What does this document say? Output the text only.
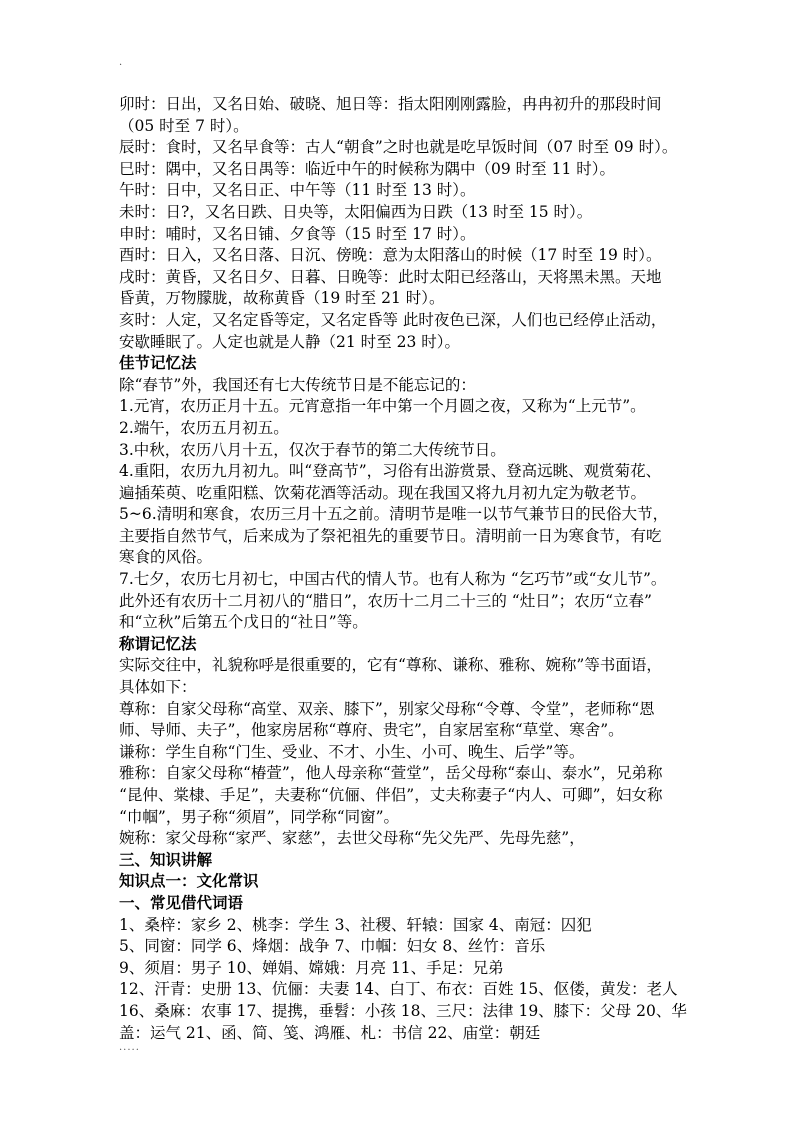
·
卯时：日出，又名日始、破晓、旭日等：指太阳刚刚露脸，冉冉初升的那段时间
（05 时至 7 时）。
辰时：食时，又名早食等：古人“朝食”之时也就是吃早饭时间（07 时至 09 时）。
巳时：隅中，又名日禺等：临近中午的时候称为隅中（09 时至 11 时）。
午时：日中，又名日正、中午等（11 时至 13 时）。
未时：日?，又名日跌、日央等，太阳偏西为日跌（13 时至 15 时）。
申时：哺时，又名日铺、夕食等（15 时至 17 时）。
酉时：日入，又名日落、日沉、傍晚：意为太阳落山的时候（17 时至 19 时）。
戌时：黄昏，又名日夕、日暮、日晚等：此时太阳已经落山，天将黑未黑。天地
昏黄，万物朦胧，故称黄昏（19 时至 21 时）。
亥时：人定，又名定昏等定，又名定昏等 此时夜色已深，人们也已经停止活动，
安歇睡眠了。人定也就是人静（21 时至 23 时）。
佳节记忆法
除“春节”外，我国还有七大传统节日是不能忘记的：
1.元宵，农历正月十五。元宵意指一年中第一个月圆之夜，又称为“上元节”。
2.端午，农历五月初五。
3.中秋，农历八月十五，仅次于春节的第二大传统节日。
4.重阳，农历九月初九。叫“登高节”，习俗有出游赏景、登高远眺、观赏菊花、
遍插茱萸、吃重阳糕、饮菊花酒等活动。现在我国又将九月初九定为敬老节。
5~6.清明和寒食，农历三月十五之前。清明节是唯一以节气兼节日的民俗大节，
主要指自然节气，后来成为了祭祀祖先的重要节日。清明前一日为寒食节，有吃
寒食的风俗。
7.七夕，农历七月初七，中国古代的情人节。也有人称为 “乞巧节”或“女儿节”。
此外还有农历十二月初八的“腊日”，农历十二月二十三的 “灶日”；农历“立春”
和“立秋”后第五个戊日的“社日”等。
称谓记忆法
实际交往中，礼貌称呼是很重要的，它有“尊称、谦称、雅称、婉称”等书面语，
具体如下：
尊称：自家父母称“高堂、双亲、膝下”，别家父母称“令尊、令堂”，老师称“恩
师、导师、夫子”，他家房居称“尊府、贵宅”，自家居室称“草堂、寒舍”。
谦称：学生自称“门生、受业、不才、小生、小可、晚生、后学”等。
雅称：自家父母称“椿萱”，他人母亲称“萱堂”，岳父母称“泰山、泰水”，兄弟称
“昆仲、棠棣、手足”，夫妻称“伉俪、伴侣”，丈夫称妻子“内人、可卿”，妇女称
“巾帼”，男子称“须眉”，同学称“同窗”。
婉称：家父母称“家严、家慈”，去世父母称“先父先严、先母先慈”，
三、知识讲解
知识点一：文化常识
一、常见借代词语
1、桑梓：家乡 2、桃李：学生 3、社稷、轩辕：国家 4、南冠：囚犯
5、同窗：同学 6、烽烟：战争 7、巾帼：妇女 8、丝竹：音乐
9、须眉：男子 10、婵娟、嫦娥：月亮 11、手足：兄弟
12、汗青：史册 13、伉俪：夫妻 14、白丁、布衣：百姓 15、伛偻，黄发：老人
16、桑麻：农事 17、提携，垂髫：小孩 18、三尺：法律 19、膝下：父母 20、华
盖：运气 21、函、简、笺、鸿雁、札：书信 22、庙堂：朝廷
.....
